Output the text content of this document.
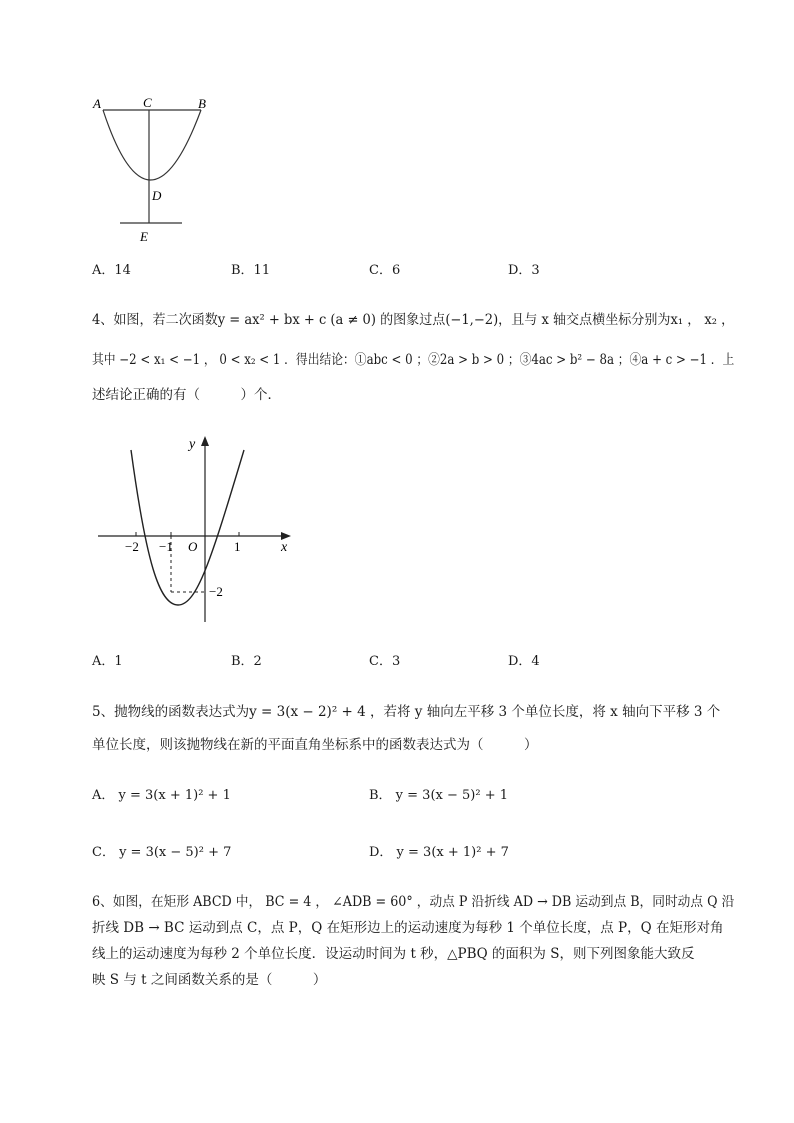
A	C	B
D
E
A．14	B．11	C．6	D．3
4、如图，若二次函数y = ax² + bx + c (a ≠ 0) 的图象过点(−1,−2)，且与 x 轴交点横坐标分别为x₁ ， x₂ ，
其中 −2 < x₁ < −1 ， 0 < x₂ < 1 ．得出结论：①abc < 0 ；②2a > b > 0 ；③4ac > b² − 8a ；④a + c > −1 ．上
述结论正确的有（　　　）个．
y
x
−2 −1 O	1
−2
A．1	B．2	C．3	D．4
5、抛物线的函数表达式为y = 3(x − 2)² + 4 ，若将 y 轴向左平移 3 个单位长度，将 x 轴向下平移 3 个
单位长度，则该抛物线在新的平面直角坐标系中的函数表达式为（　　　）
A． y = 3(x + 1)² + 1	B． y = 3(x − 5)² + 1
C． y = 3(x − 5)² + 7	D． y = 3(x + 1)² + 7
6、如图，在矩形 ABCD 中， BC = 4 ， ∠ADB = 60° ，动点 P 沿折线 AD → DB 运动到点 B，同时动点 Q 沿
折线 DB → BC 运动到点 C，点 P，Q 在矩形边上的运动速度为每秒 1 个单位长度，点 P，Q 在矩形对角
线上的运动速度为每秒 2 个单位长度．设运动时间为 t 秒，△PBQ 的面积为 S，则下列图象能大致反
映 S 与 t 之间函数关系的是（　　　）
